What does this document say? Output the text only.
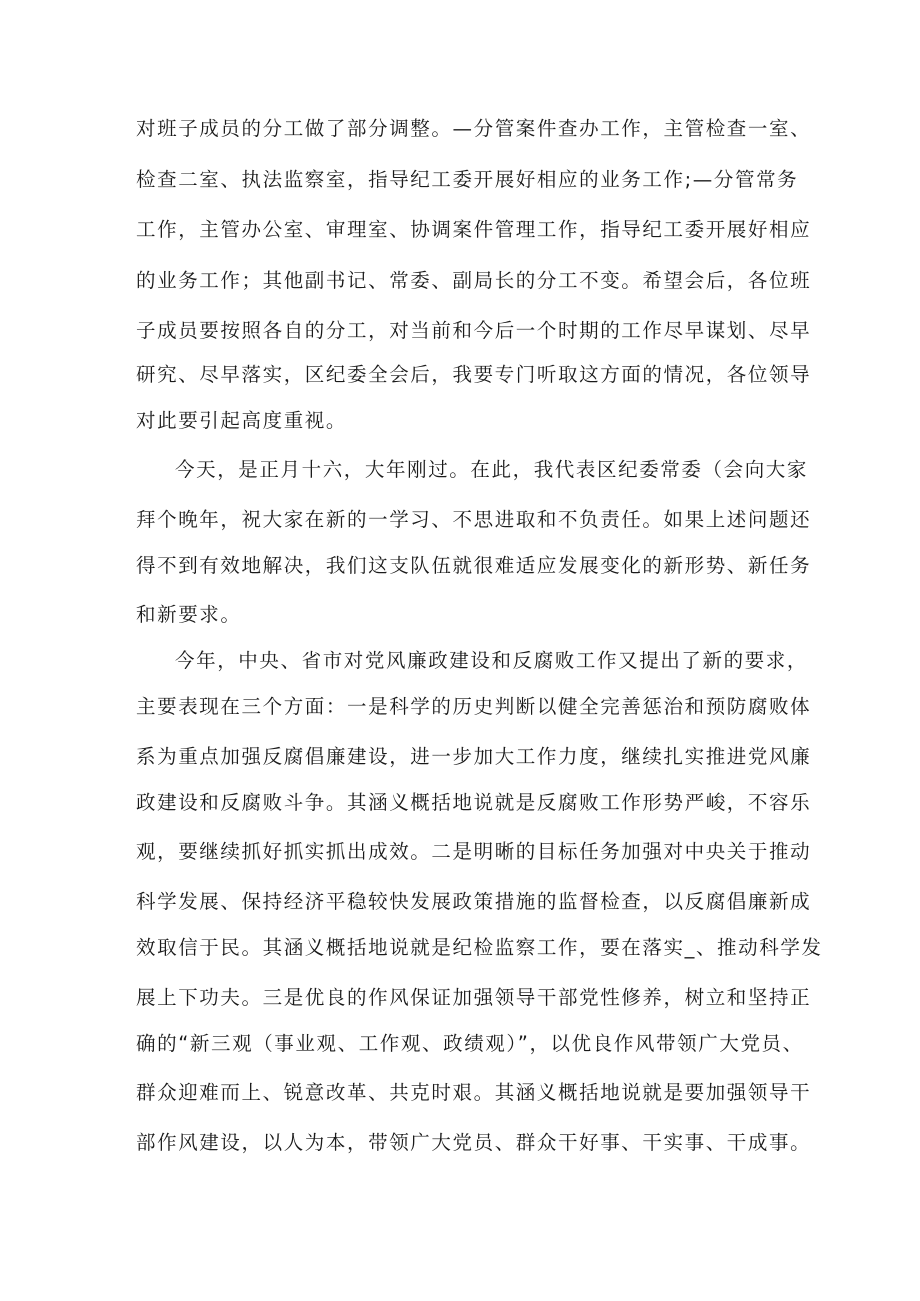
对班子成员的分工做了部分调整。—分管案件查办工作，主管检查一室、
检查二室、执法监察室，指导纪工委开展好相应的业务工作;—分管常务
工作，主管办公室、审理室、协调案件管理工作，指导纪工委开展好相应
的业务工作；其他副书记、常委、副局长的分工不变。希望会后，各位班
子成员要按照各自的分工，对当前和今后一个时期的工作尽早谋划、尽早
研究、尽早落实，区纪委全会后，我要专门听取这方面的情况，各位领导
对此要引起高度重视。
今天，是正月十六，大年刚过。在此，我代表区纪委常委（会向大家
拜个晚年，祝大家在新的一学习、不思进取和不负责任。如果上述问题还
得不到有效地解决，我们这支队伍就很难适应发展变化的新形势、新任务
和新要求。
今年，中央、省市对党风廉政建设和反腐败工作又提出了新的要求，
主要表现在三个方面：一是科学的历史判断以健全完善惩治和预防腐败体
系为重点加强反腐倡廉建设，进一步加大工作力度，继续扎实推进党风廉
政建设和反腐败斗争。其涵义概括地说就是反腐败工作形势严峻，不容乐
观，要继续抓好抓实抓出成效。二是明晰的目标任务加强对中央关于推动
科学发展、保持经济平稳较快发展政策措施的监督检查，以反腐倡廉新成
效取信于民。其涵义概括地说就是纪检监察工作，要在落实_、推动科学发
展上下功夫。三是优良的作风保证加强领导干部党性修养，树立和坚持正
确的“新三观（事业观、工作观、政绩观）”，以优良作风带领广大党员、
群众迎难而上、锐意改革、共克时艰。其涵义概括地说就是要加强领导干
部作风建设，以人为本，带领广大党员、群众干好事、干实事、干成事。
